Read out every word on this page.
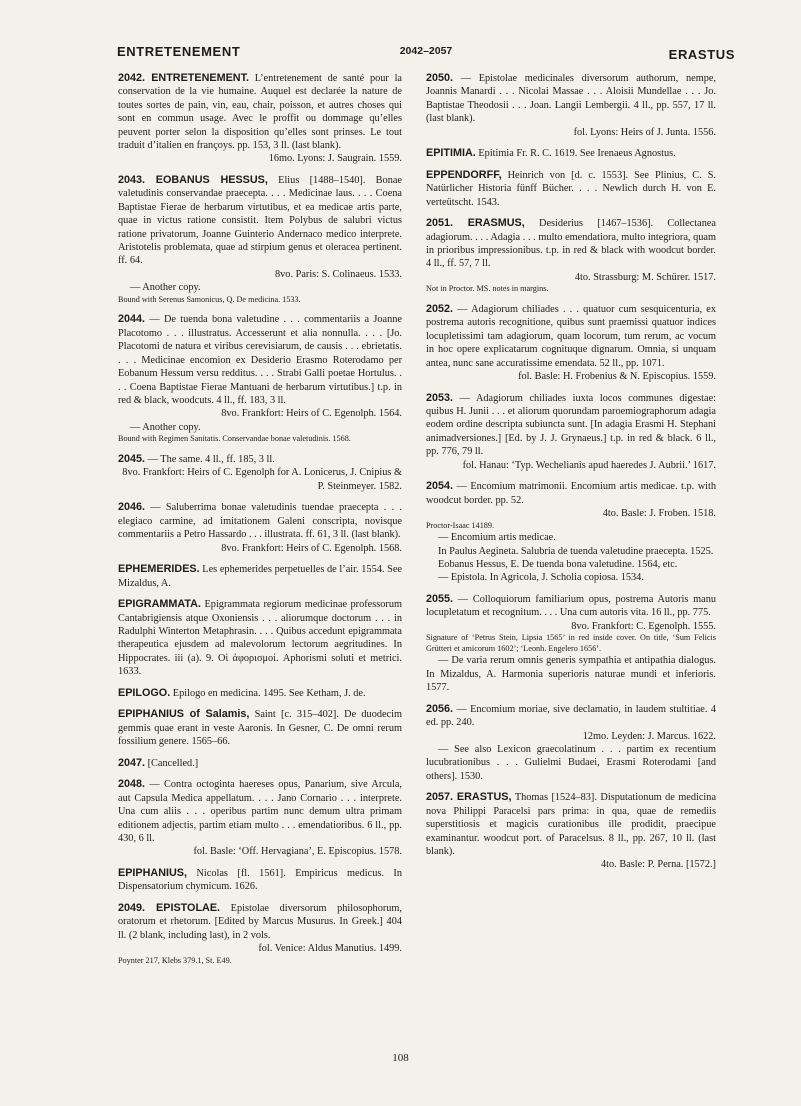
ENTRETENEMENT	2042–2057	ERASTUS

2042. ENTRETENEMENT. L’entretenement de santé pour la conservation de la vie humaine. Auquel est declarée la nature de toutes sortes de pain, vin, eau, chair, poisson, et autres choses qui sont en commun usage. Avec le proffit ou dommage qu’elles peuvent porter selon la disposition qu’elles sont prinses. Le tout traduit d’italien en françoys. pp. 153, 3 ll. (last blank).

16mo. Lyons: J. Saugrain. 1559.

2043. EOBANUS HESSUS, Elius [1488–1540]. Bonae valetudinis conservandae praecepta. . . . Medicinae laus. . . . Coena Baptistae Fierae de herbarum virtutibus, et ea medicae artis parte, quae in victus ratione consistit. Item Polybus de salubri victus ratione privatorum, Joanne Guinterio Andernaco medico interprete. Aristotelis problemata, quae ad stirpium genus et oleracea pertinent. ff. 64.

8vo. Paris: S. Colinaeus. 1533.

— Another copy.

Bound with Serenus Samonicus, Q. De medicina. 1533.

2044. — De tuenda bona valetudine . . . commentariis a Joanne Placotomo . . . illustratus. Accesserunt et alia nonnulla. . . . [Jo. Placotomi de natura et viribus cerevisiarum, de causis . . . ebrietatis. . . . Medicinae encomion ex Desiderio Erasmo Roterodamo per Eobanum Hessum versu redditus. . . . Strabi Galli poetae Hortulus. . . . Coena Baptistae Fierae Mantuani de herbarum virtutibus.] t.p. in red & black, woodcuts. 4 ll., ff. 183, 3 ll.

8vo. Frankfort: Heirs of C. Egenolph. 1564.

— Another copy.

Bound with Regimen Sanitatis. Conservandae bonae valetudinis. 1568.

2045. — The same. 4 ll., ff. 185, 3 ll.

8vo. Frankfort: Heirs of C. Egenolph for A. Lonicerus, J. Cnipius & P. Steinmeyer. 1582.

2046. — Saluberrima bonae valetudinis tuendae praecepta . . . elegiaco carmine, ad imitationem Galeni conscripta, novisque commentariis a Petro Hassardo . . . illustrata. ff. 61, 3 ll. (last blank).

8vo. Frankfort: Heirs of C. Egenolph. 1568.

EPHEMERIDES. Les ephemerides perpetuelles de l’air. 1554. See Mizaldus, A.

EPIGRAMMATA. Epigrammata regiorum medicinae professorum Cantabrigiensis atque Oxoniensis . . . aliorumque doctorum . . . in Radulphi Winterton Metaphrasin. . . . Quibus accedunt epigrammata therapeutica ejusdem ad malevolorum lectorum aegritudines. In Hippocrates. iii (a). 9. Οἱ ἀφορισμοί. Aphorismi soluti et metrici. 1633.

EPILOGO. Epilogo en medicina. 1495. See Ketham, J. de.

EPIPHANIUS of Salamis, Saint [c. 315–402]. De duodecim gemmis quae erant in veste Aaronis. In Gesner, C. De omni rerum fossilium genere. 1565–66.

2047. [Cancelled.]

2048. — Contra octoginta haereses opus, Panarium, sive Arcula, aut Capsula Medica appellatum. . . . Jano Cornario . . . interprete. Una cum aliis . . . operibus partim nunc demum ultra primam editionem adjectis, partim etiam multo . . . emendatioribus. 6 ll., pp. 430, 6 ll.

fol. Basle: ‘Off. Hervagiana’, E. Episcopius. 1578.

EPIPHANIUS, Nicolas [fl. 1561]. Empiricus medicus. In Dispensatorium chymicum. 1626.

2049. EPISTOLAE. Epistolae diversorum philosophorum, oratorum et rhetorum. [Edited by Marcus Musurus. In Greek.] 404 ll. (2 blank, including last), in 2 vols.

fol. Venice: Aldus Manutius. 1499.

Poynter 217, Klebs 379.1, St. E49.

2050. — Epistolae medicinales diversorum authorum, nempe, Joannis Manardi . . . Nicolai Massae . . . Aloisii Mundellae . . . Jo. Baptistae Theodosii . . . Joan. Langii Lembergii. 4 ll., pp. 557, 17 ll. (last blank).

fol. Lyons: Heirs of J. Junta. 1556.

EPITIMIA. Epitimia Fr. R. C. 1619. See Irenaeus Agnostus.

EPPENDORFF, Heinrich von [d. c. 1553]. See Plinius, C. S. Natürlicher Historia fünff Bücher. . . . Newlich durch H. von E. verteütscht. 1543.

2051. ERASMUS, Desiderius [1467–1536]. Collectanea adagiorum. . . . Adagia . . . multo emendatiora, multo integriora, quam in prioribus impressionibus. t.p. in red & black with woodcut border. 4 ll., ff. 57, 7 ll.

4to. Strassburg: M. Schürer. 1517.

Not in Proctor. MS. notes in margins.

2052. — Adagiorum chiliades . . . quatuor cum sesquicenturia, ex postrema autoris recognitione, quibus sunt praemissi quatuor indices locupletissimi tam adagiorum, quam locorum, tum rerum, ac vocum in hoc opere explicatarum cognituque dignarum. Omnia, si unquam antea, nunc sane accuratissime emendata. 52 ll., pp. 1071.

fol. Basle: H. Frobenius & N. Episcopius. 1559.

2053. — Adagiorum chiliades iuxta locos communes digestae: quibus H. Junii . . . et aliorum quorundam paroemiographorum adagia eodem ordine descripta subiuncta sunt. [In adagia Erasmi H. Stephani animadversiones.] [Ed. by J. J. Grynaeus.] t.p. in red & black. 6 ll., pp. 776, 79 ll.

fol. Hanau: ‘Typ. Wechelianis apud haeredes J. Aubrii.’ 1617.

2054. — Encomium matrimonii. Encomium artis medicae. t.p. with woodcut border. pp. 52.

4to. Basle: J. Froben. 1518.

Proctor-Isaac 14189.

— Encomium artis medicae.

In Paulus Aegineta. Salubria de tuenda valetudine praecepta. 1525.

Eobanus Hessus, E. De tuenda bona valetudine. 1564, etc.

— Epistola. In Agricola, J. Scholia copiosa. 1534.

2055. — Colloquiorum familiarium opus, postrema Autoris manu locupletatum et recognitum. . . . Una cum autoris vita. 16 ll., pp. 775.

8vo. Frankfort: C. Egenolph. 1555.

Signature of ‘Petrus Stein, Lipsia 1565’ in red inside cover. On title, ‘Sum Felicis Grütteri et amicorum 1602’; ‘Leonh. Engelero 1656’.

— De varia rerum omnis generis sympathia et antipathia dialogus. In Mizaldus, A. Harmonia superioris naturae mundi et inferioris. 1577.

2056. — Encomium moriae, sive declamatio, in laudem stultitiae. 4 ed. pp. 240.

12mo. Leyden: J. Marcus. 1622.

— See also Lexicon graecolatinum . . . partim ex recentium lucubrationibus . . . Gulielmi Budaei, Erasmi Roterodami [and others]. 1530.

2057. ERASTUS, Thomas [1524–83]. Disputationum de medicina nova Philippi Paracelsi pars prima: in qua, quae de remediis superstitiosis et magicis curationibus ille prodidit, praecipue examinantur. woodcut port. of Paracelsus. 8 ll., pp. 267, 10 ll. (last blank).

4to. Basle: P. Perna. [1572.]

108
